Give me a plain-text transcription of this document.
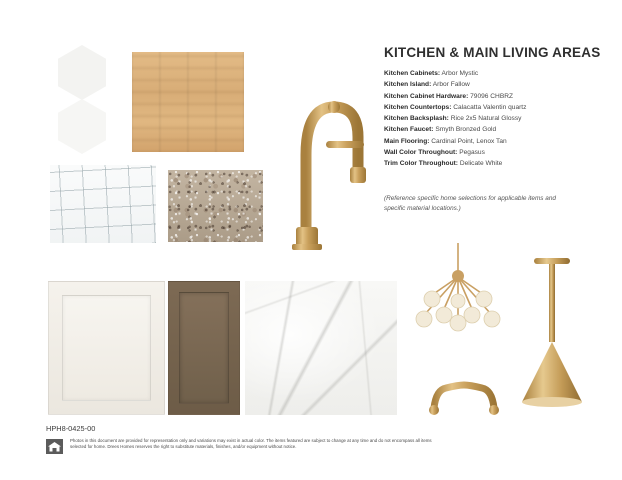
KITCHEN & MAIN LIVING AREAS
Kitchen Cabinets: Arbor Mystic
Kitchen Island: Arbor Fallow
Kitchen Cabinet Hardware: 79096 CHBRZ
Kitchen Countertops: Calacatta Valentin quartz
Kitchen Backsplash: Rice 2x5 Natural Glossy
Kitchen Faucet: Smyth Bronzed Gold
Main Flooring: Cardinal Point, Lenox Tan
Wall Color Throughout: Pegasus
Trim Color Throughout: Delicate White
(Reference specific home selections for applicable items and specific material locations.)
HPH8-0425-00
Photos in this document are provided for representation only and variations may exist in actual color. The items featured are subject to change at any time and do not encompass all items selected for home. Drees Homes reserves the right to substitute materials, finishes, and/or equipment without notice.
